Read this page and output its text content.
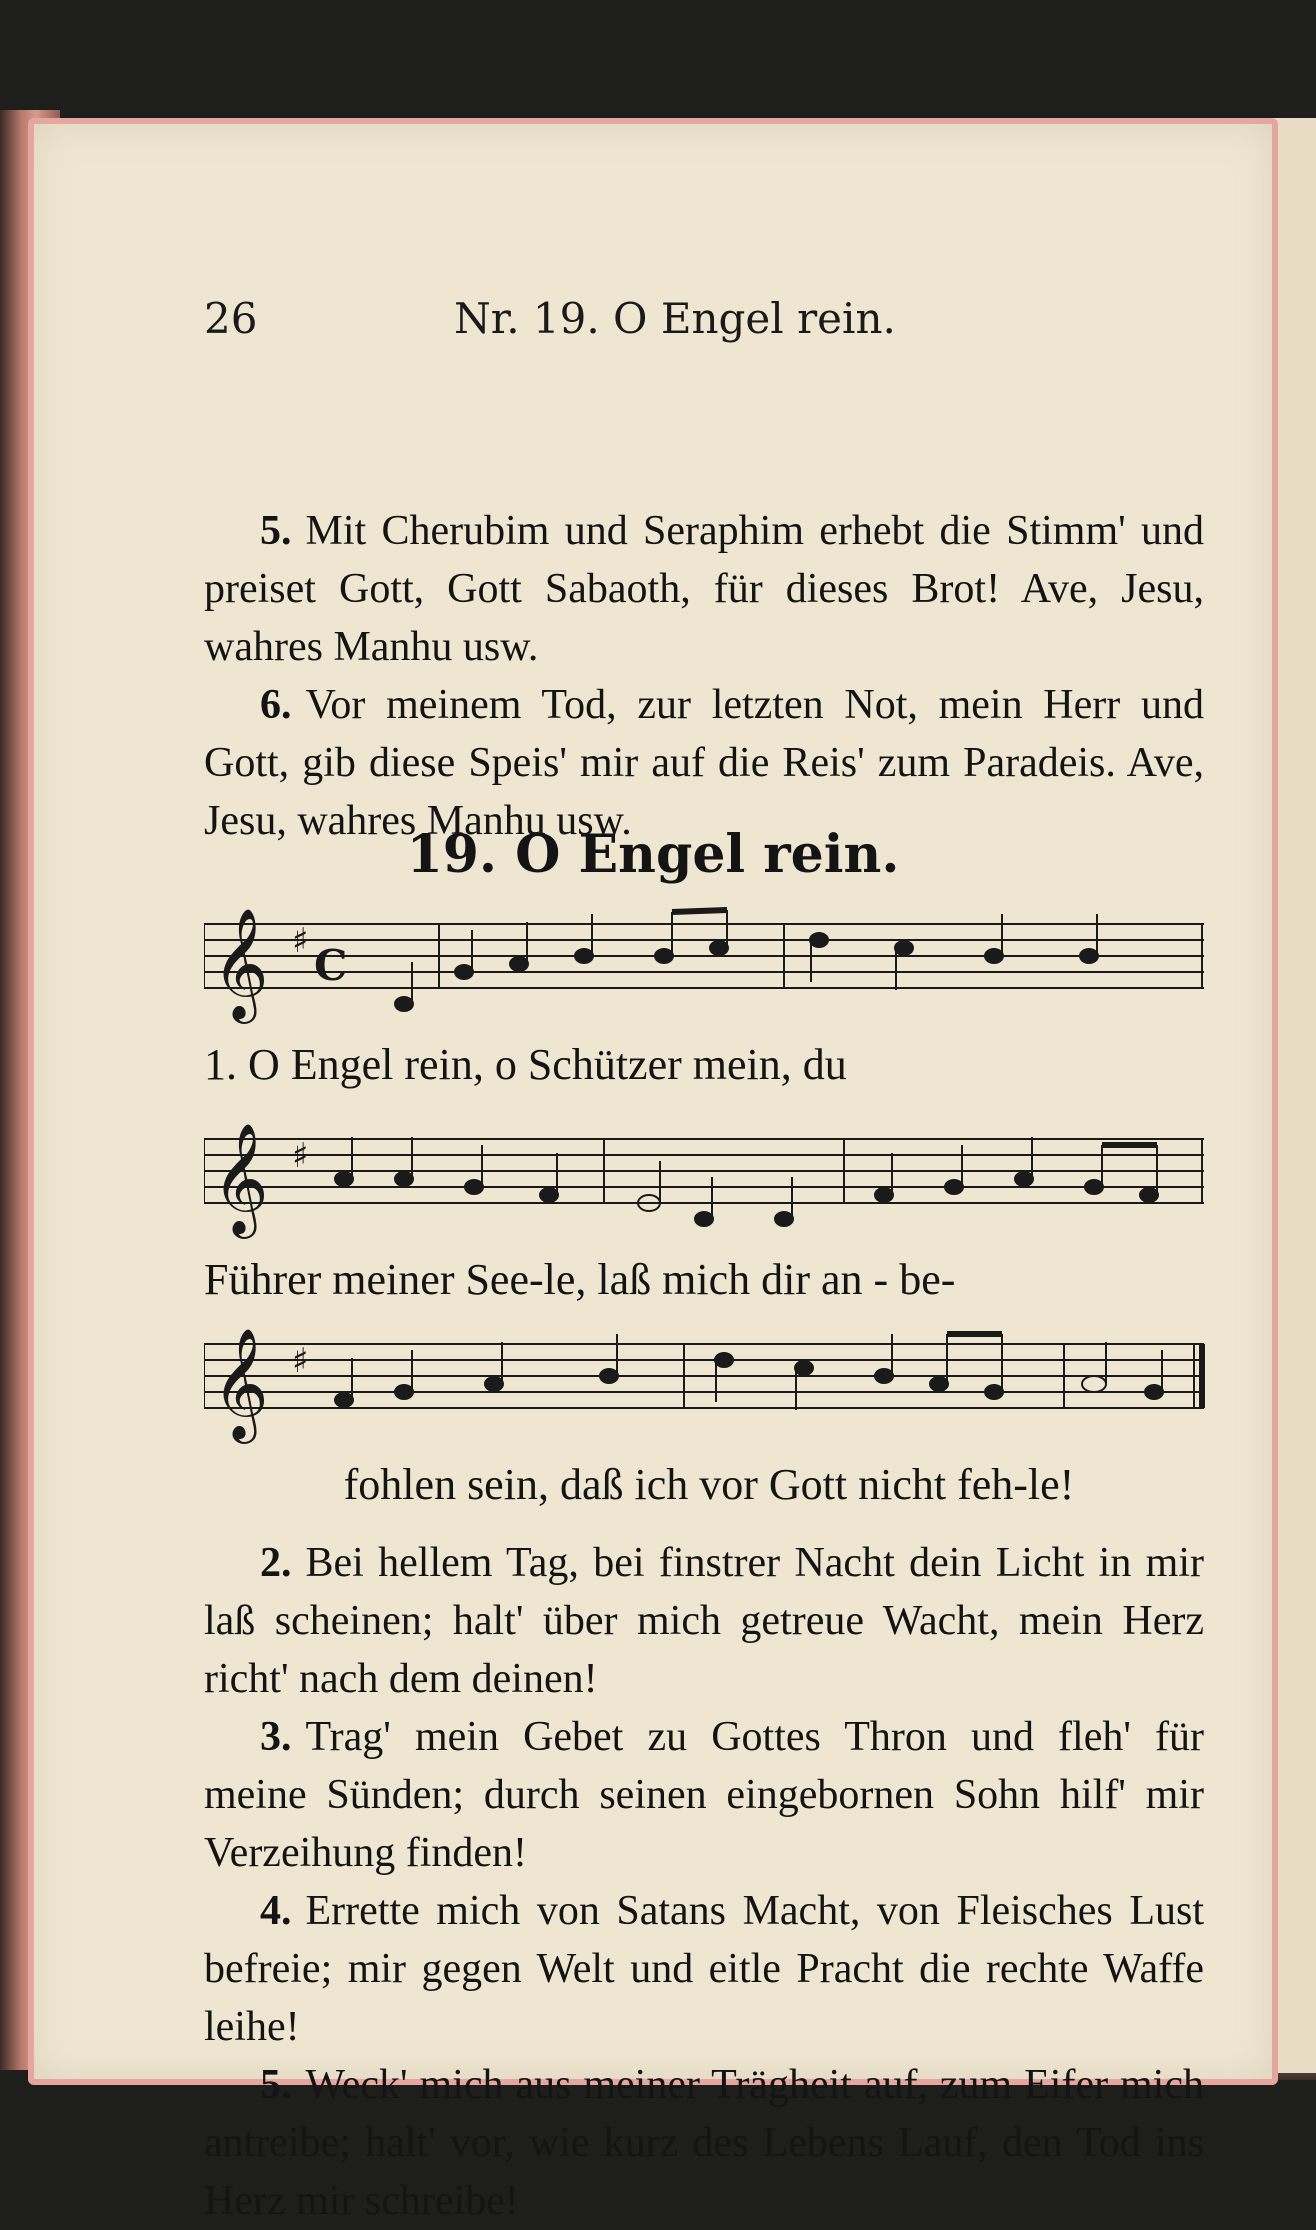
26	Nr. 19. O Engel rein.

5. Mit Cherubim und Seraphim erhebt die Stimm' und preiset Gott, Gott Sabaoth, für dieses Brot! Ave, Jesu, wahres Manhu usw.

6. Vor meinem Tod, zur letzten Not, mein Herr und Gott, gib diese Speis' mir auf die Reis' zum Paradeis. Ave, Jesu, wahres Manhu usw.

19. O Engel rein.
𝄞 ♯ C
1. O Engel rein, o Schützer mein, du
𝄞 ♯
Führer meiner See-le, laß mich dir an - be-
𝄞 ♯
fohlen sein, daß ich vor Gott nicht feh-le!

2. Bei hellem Tag, bei finstrer Nacht dein Licht in mir laß scheinen; halt' über mich getreue Wacht, mein Herz richt' nach dem deinen!

3. Trag' mein Gebet zu Gottes Thron und fleh' für meine Sünden; durch seinen eingebornen Sohn hilf' mir Verzeihung finden!

4. Errette mich von Satans Macht, von Fleisches Lust befreie; mir gegen Welt und eitle Pracht die rechte Waffe leihe!

5. Weck' mich aus meiner Trägheit auf, zum Eifer mich antreibe; halt' vor, wie kurz des Lebens Lauf, den Tod ins Herz mir schreibe!
